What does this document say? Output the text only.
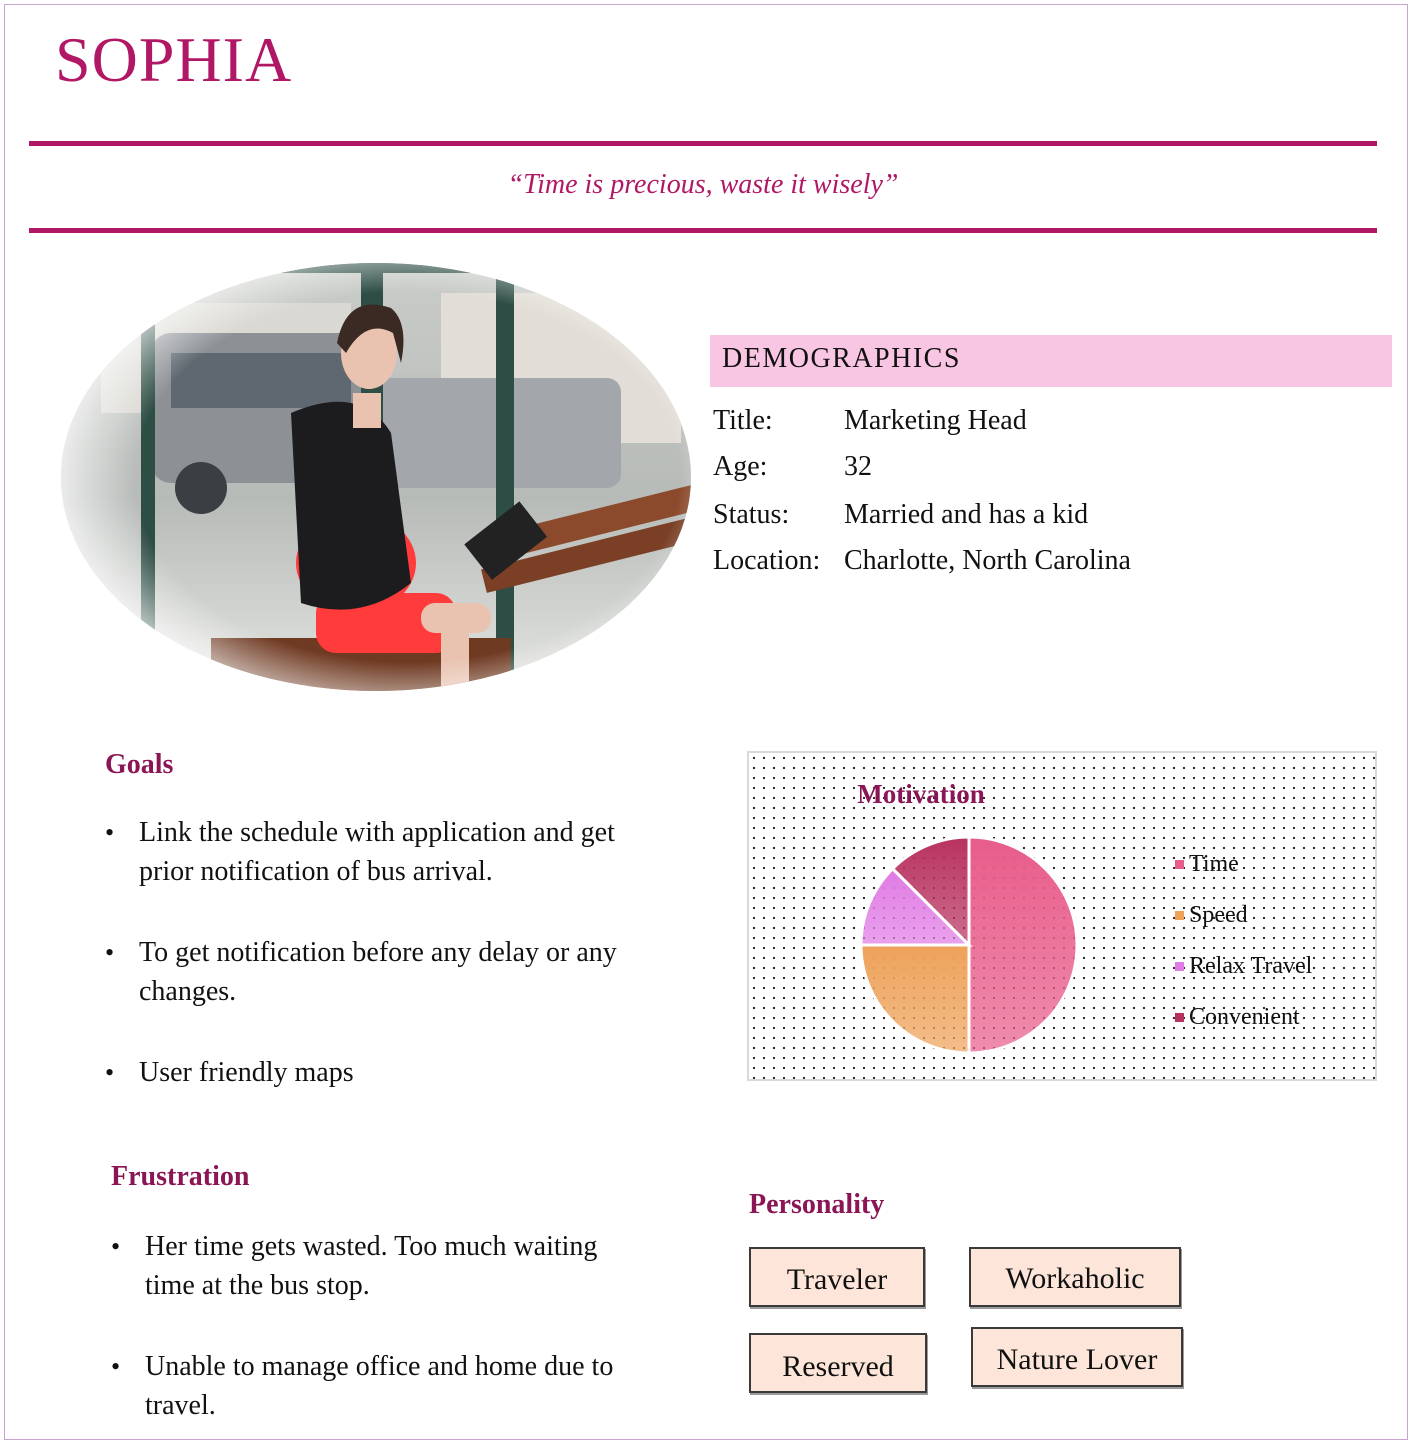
SOPHIA
“Time is precious, waste it wisely”
DEMOGRAPHICS
Title:	Marketing Head
Age:	32
Status:	Married and has a kid
Location: Charlotte, North Carolina
Goals
• Link the schedule with application and get prior notification of bus arrival.
• To get notification before any delay or any changes.
• User friendly maps
Frustration
• Her time gets wasted. Too much waiting time at the bus stop.
• Unable to manage office and home due to travel.
Motivation
Time
Speed
Relax Travel
Convenient
Personality
Traveler	Workaholic
Reserved	Nature Lover
